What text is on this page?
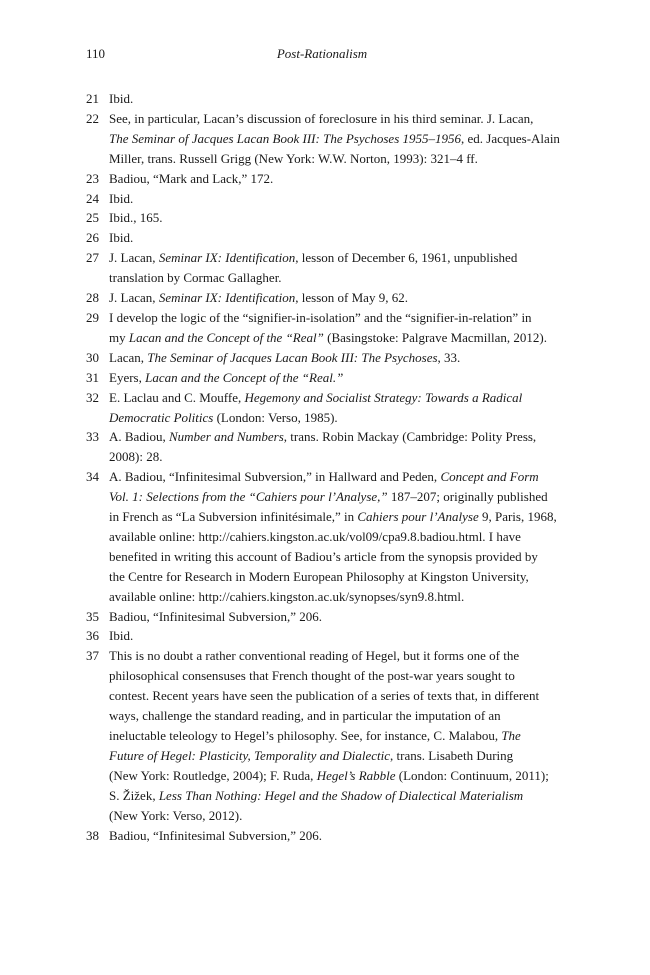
110	Post-Rationalism
21 Ibid.
22 See, in particular, Lacan’s discussion of foreclosure in his third seminar. J. Lacan,
The Seminar of Jacques Lacan Book III: The Psychoses 1955–1956, ed. Jacques-Alain
Miller, trans. Russell Grigg (New York: W.W. Norton, 1993): 321–4 ff.
23 Badiou, “Mark and Lack,” 172.
24 Ibid.
25 Ibid., 165.
26 Ibid.
27 J. Lacan, Seminar IX: Identification, lesson of December 6, 1961, unpublished
translation by Cormac Gallagher.
28 J. Lacan, Seminar IX: Identification, lesson of May 9, 62.
29 I develop the logic of the “signifier-in-isolation” and the “signifier-in-relation” in
my Lacan and the Concept of the “Real” (Basingstoke: Palgrave Macmillan, 2012).
30 Lacan, The Seminar of Jacques Lacan Book III: The Psychoses, 33.
31 Eyers, Lacan and the Concept of the “Real.”
32 E. Laclau and C. Mouffe, Hegemony and Socialist Strategy: Towards a Radical
Democratic Politics (London: Verso, 1985).
33 A. Badiou, Number and Numbers, trans. Robin Mackay (Cambridge: Polity Press,
2008): 28.
34 A. Badiou, “Infinitesimal Subversion,” in Hallward and Peden, Concept and Form
Vol. 1: Selections from the “Cahiers pour l’Analyse,” 187–207; originally published
in French as “La Subversion infinitésimale,” in Cahiers pour l’Analyse 9, Paris, 1968,
available online: http://cahiers.kingston.ac.uk/vol09/cpa9.8.badiou.html. I have
benefited in writing this account of Badiou’s article from the synopsis provided by
the Centre for Research in Modern European Philosophy at Kingston University,
available online: http://cahiers.kingston.ac.uk/synopses/syn9.8.html.
35 Badiou, “Infinitesimal Subversion,” 206.
36 Ibid.
37 This is no doubt a rather conventional reading of Hegel, but it forms one of the
philosophical consensuses that French thought of the post-war years sought to
contest. Recent years have seen the publication of a series of texts that, in different
ways, challenge the standard reading, and in particular the imputation of an
ineluctable teleology to Hegel’s philosophy. See, for instance, C. Malabou, The
Future of Hegel: Plasticity, Temporality and Dialectic, trans. Lisabeth During
(New York: Routledge, 2004); F. Ruda, Hegel’s Rabble (London: Continuum, 2011);
S. Žižek, Less Than Nothing: Hegel and the Shadow of Dialectical Materialism
(New York: Verso, 2012).
38 Badiou, “Infinitesimal Subversion,” 206.
